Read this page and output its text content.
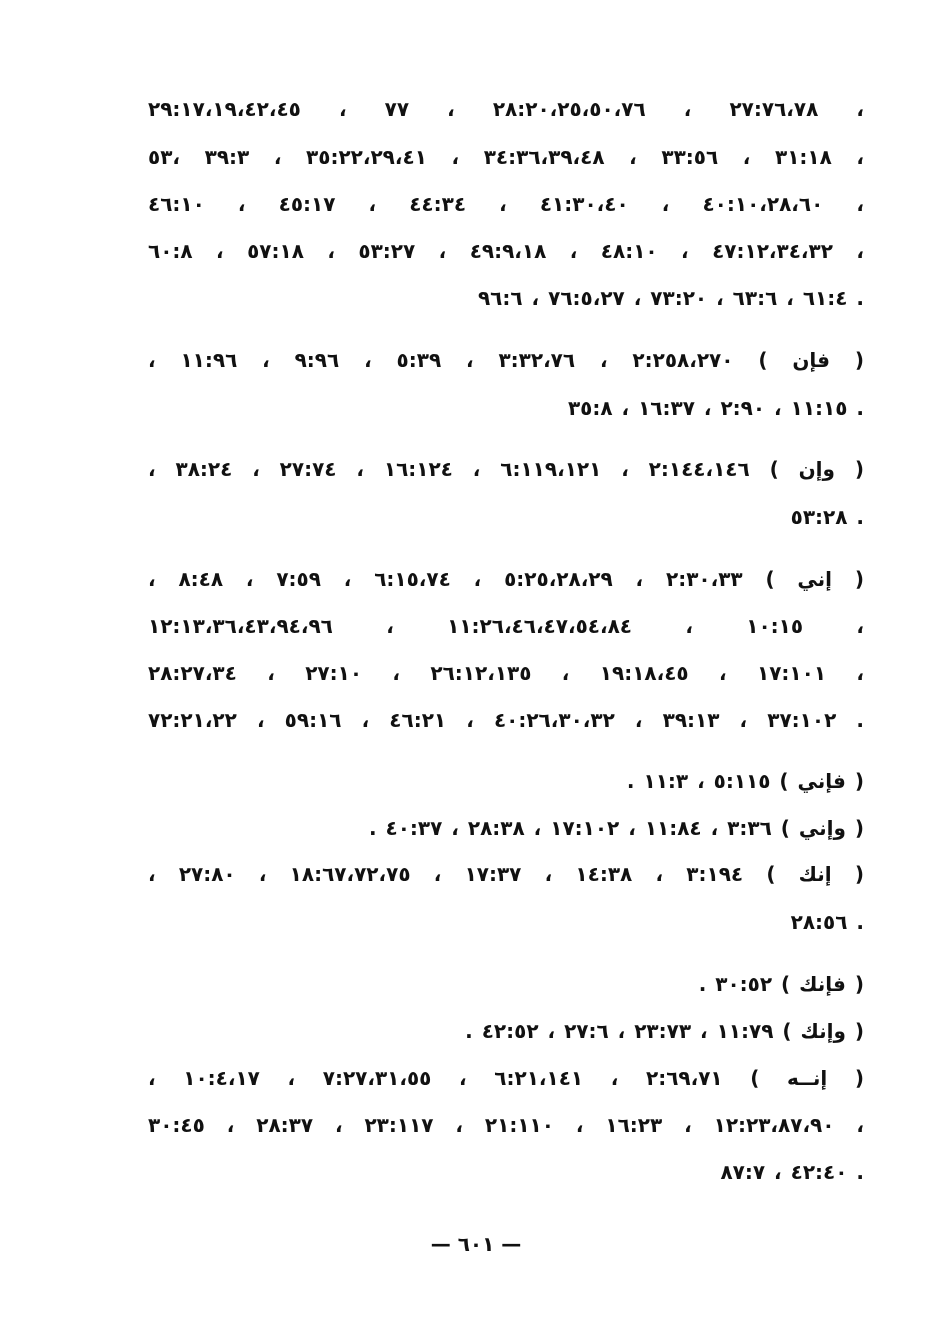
٢٧:٧٦،٧٨ ، ٢٨:٢٠،٢٥،٥٠،٧٦ ، ٧٧ ، ٢٩:١٧،١٩،٤٢،٤٥ ،
٣١:١٨ ، ٣٣:٥٦ ، ٣٤:٣٦،٣٩،٤٨ ، ٣٥:٢٢،٢٩،٤١ ، ٣٩:٣ ،٥٣ ،
٤٠:١٠،٢٨،٦٠ ، ٤١:٣٠،٤٠ ، ٤٤:٣٤ ، ٤٥:١٧ ، ٤٦:١٠ ،
٤٧:١٢،٣٤،٣٢ ، ٤٨:١٠ ، ٤٩:٩،١٨ ، ٥٣:٢٧ ، ٥٧:١٨ ، ٦٠:٨ ،
٦١:٤ ، ٦٣:٦ ، ٧٣:٢٠ ، ٧٦:٥،٢٧ ، ٩٦:٦ .
( فإن ) ٢:٢٥٨،٢٧٠ ، ٣:٣٢،٧٦ ، ٥:٣٩ ، ٩:٩٦ ، ١١:٩٦ ،
١١:١٥ ، ٢:٩٠ ، ١٦:٣٧ ، ٣٥:٨ .
( وإن ) ٢:١٤٤،١٤٦ ، ٦:١١٩،١٢١ ، ١٦:١٢٤ ، ٢٧:٧٤ ، ٣٨:٢٤ ،
٥٣:٢٨ .
( إني ) ٢:٣٠،٣٣ ، ٥:٢٥،٢٨،٢٩ ، ٦:١٥،٧٤ ، ٧:٥٩ ، ٨:٤٨ ،
١٠:١٥ ، ١١:٢٦،٤٦،٤٧،٥٤،٨٤ ، ١٢:١٣،٣٦،٤٣،٩٤،٩٦ ،
١٧:١٠١ ، ١٩:١٨،٤٥ ، ٢٦:١٢،١٣٥ ، ٢٧:١٠ ، ٢٨:٢٧،٣٤ ،
٣٧:١٠٢ ، ٣٩:١٣ ، ٤٠:٢٦،٣٠،٣٢ ، ٤٦:٢١ ، ٥٩:١٦ ، ٧٢:٢١،٢٢ .
( فإني ) ٥:١١٥ ، ١١:٣ .
( وإني ) ٣:٣٦ ، ١١:٨٤ ، ١٧:١٠٢ ، ٢٨:٣٨ ، ٤٠:٣٧ .
( إنك ) ٣:١٩٤ ، ١٤:٣٨ ، ١٧:٣٧ ، ١٨:٦٧،٧٢،٧٥ ، ٢٧:٨٠ ،
٢٨:٥٦ .
( فإنك ) ٣٠:٥٢ .
( وإنك ) ١١:٧٩ ، ٢٣:٧٣ ، ٢٧:٦ ، ٤٢:٥٢ .
( إنــه ) ٢:٦٩،٧١ ، ٦:٢١،١٤١ ، ٧:٢٧،٣١،٥٥ ، ١٠:٤،١٧ ،
١٢:٢٣،٨٧،٩٠ ، ١٦:٢٣ ، ٢١:١١٠ ، ٢٣:١١٧ ، ٢٨:٣٧ ، ٣٠:٤٥ ،
٤٢:٤٠ ، ٨٧:٧ .
— ٦٠١ —
